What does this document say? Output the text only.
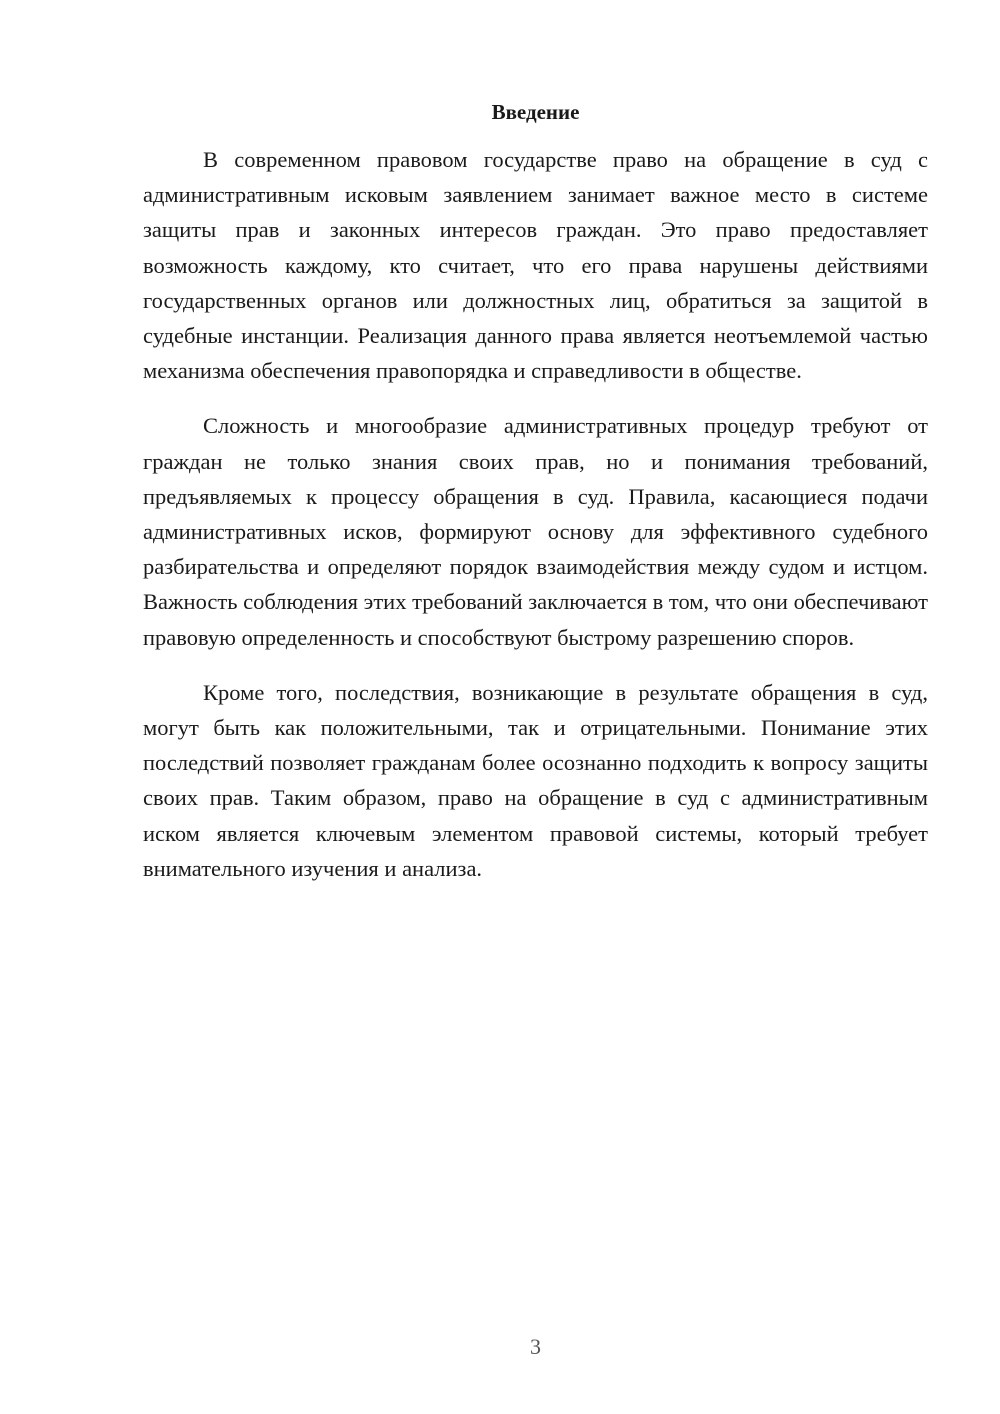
Введение

В современном правовом государстве право на обращение в суд с административным исковым заявлением занимает важное место в системе защиты прав и законных интересов граждан. Это право предоставляет возможность каждому, кто считает, что его права нарушены действиями государственных органов или должностных лиц, обратиться за защитой в судебные инстанции. Реализация данного права является неотъемлемой частью механизма обеспечения правопорядка и справедливости в обществе.

Сложность и многообразие административных процедур требуют от граждан не только знания своих прав, но и понимания требований, предъявляемых к процессу обращения в суд. Правила, касающиеся подачи административных исков, формируют основу для эффективного судебного разбирательства и определяют порядок взаимодействия между судом и истцом. Важность соблюдения этих требований заключается в том, что они обеспечивают правовую определенность и способствуют быстрому разрешению споров.

Кроме того, последствия, возникающие в результате обращения в суд, могут быть как положительными, так и отрицательными. Понимание этих последствий позволяет гражданам более осознанно подходить к вопросу защиты своих прав. Таким образом, право на обращение в суд с административным иском является ключевым элементом правовой системы, который требует внимательного изучения и анализа.

3
